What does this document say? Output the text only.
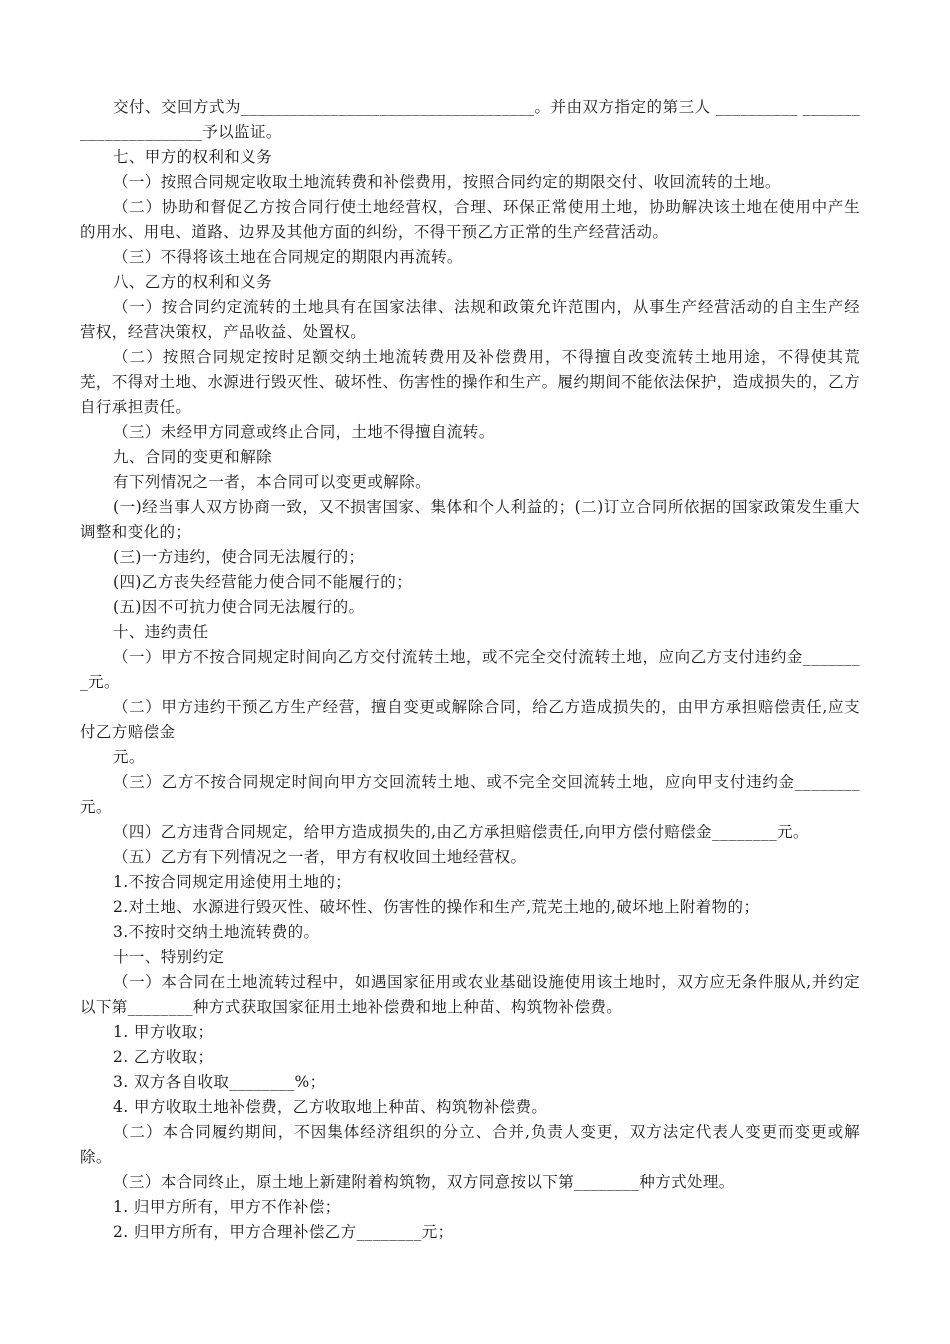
交付、交回方式为____________________________________。并由双方指定的第三人 __________ ______________________予以监证。

七、甲方的权利和义务

（一）按照合同规定收取土地流转费和补偿费用，按照合同约定的期限交付、收回流转的土地。

（二）协助和督促乙方按合同行使土地经营权，合理、环保正常使用土地，协助解决该土地在使用中产生的用水、用电、道路、边界及其他方面的纠纷，不得干预乙方正常的生产经营活动。

（三）不得将该土地在合同规定的期限内再流转。

八、乙方的权利和义务

（一）按合同约定流转的土地具有在国家法律、法规和政策允许范围内，从事生产经营活动的自主生产经营权，经营决策权，产品收益、处置权。

（二）按照合同规定按时足额交纳土地流转费用及补偿费用，不得擅自改变流转土地用途，不得使其荒芜，不得对土地、水源进行毁灭性、破坏性、伤害性的操作和生产。履约期间不能依法保护，造成损失的，乙方自行承担责任。

（三）未经甲方同意或终止合同，土地不得擅自流转。

九、合同的变更和解除

有下列情况之一者，本合同可以变更或解除。

(一)经当事人双方协商一致，又不损害国家、集体和个人利益的；(二)订立合同所依据的国家政策发生重大调整和变化的；

(三)一方违约，使合同无法履行的；

(四)乙方丧失经营能力使合同不能履行的；

(五)因不可抗力使合同无法履行的。

十、违约责任

（一）甲方不按合同规定时间向乙方交付流转土地，或不完全交付流转土地，应向乙方支付违约金________元。

（二）甲方违约干预乙方生产经营，擅自变更或解除合同，给乙方造成损失的，由甲方承担赔偿责任,应支付乙方赔偿金

元。

（三）乙方不按合同规定时间向甲方交回流转土地、或不完全交回流转土地，应向甲支付违约金________元。

（四）乙方违背合同规定，给甲方造成损失的,由乙方承担赔偿责任,向甲方偿付赔偿金________元。

（五）乙方有下列情况之一者，甲方有权收回土地经营权。

1.不按合同规定用途使用土地的；

2.对土地、水源进行毁灭性、破坏性、伤害性的操作和生产,荒芜土地的,破坏地上附着物的；

3.不按时交纳土地流转费的。

十一、特别约定

（一）本合同在土地流转过程中，如遇国家征用或农业基础设施使用该土地时，双方应无条件服从,并约定以下第________种方式获取国家征用土地补偿费和地上种苗、构筑物补偿费。

1. 甲方收取；

2. 乙方收取；

3. 双方各自收取________%；

4. 甲方收取土地补偿费，乙方收取地上种苗、构筑物补偿费。

（二）本合同履约期间，不因集体经济组织的分立、合并,负责人变更，双方法定代表人变更而变更或解除。

（三）本合同终止，原土地上新建附着构筑物，双方同意按以下第________种方式处理。

1. 归甲方所有，甲方不作补偿；

2. 归甲方所有，甲方合理补偿乙方________元；
